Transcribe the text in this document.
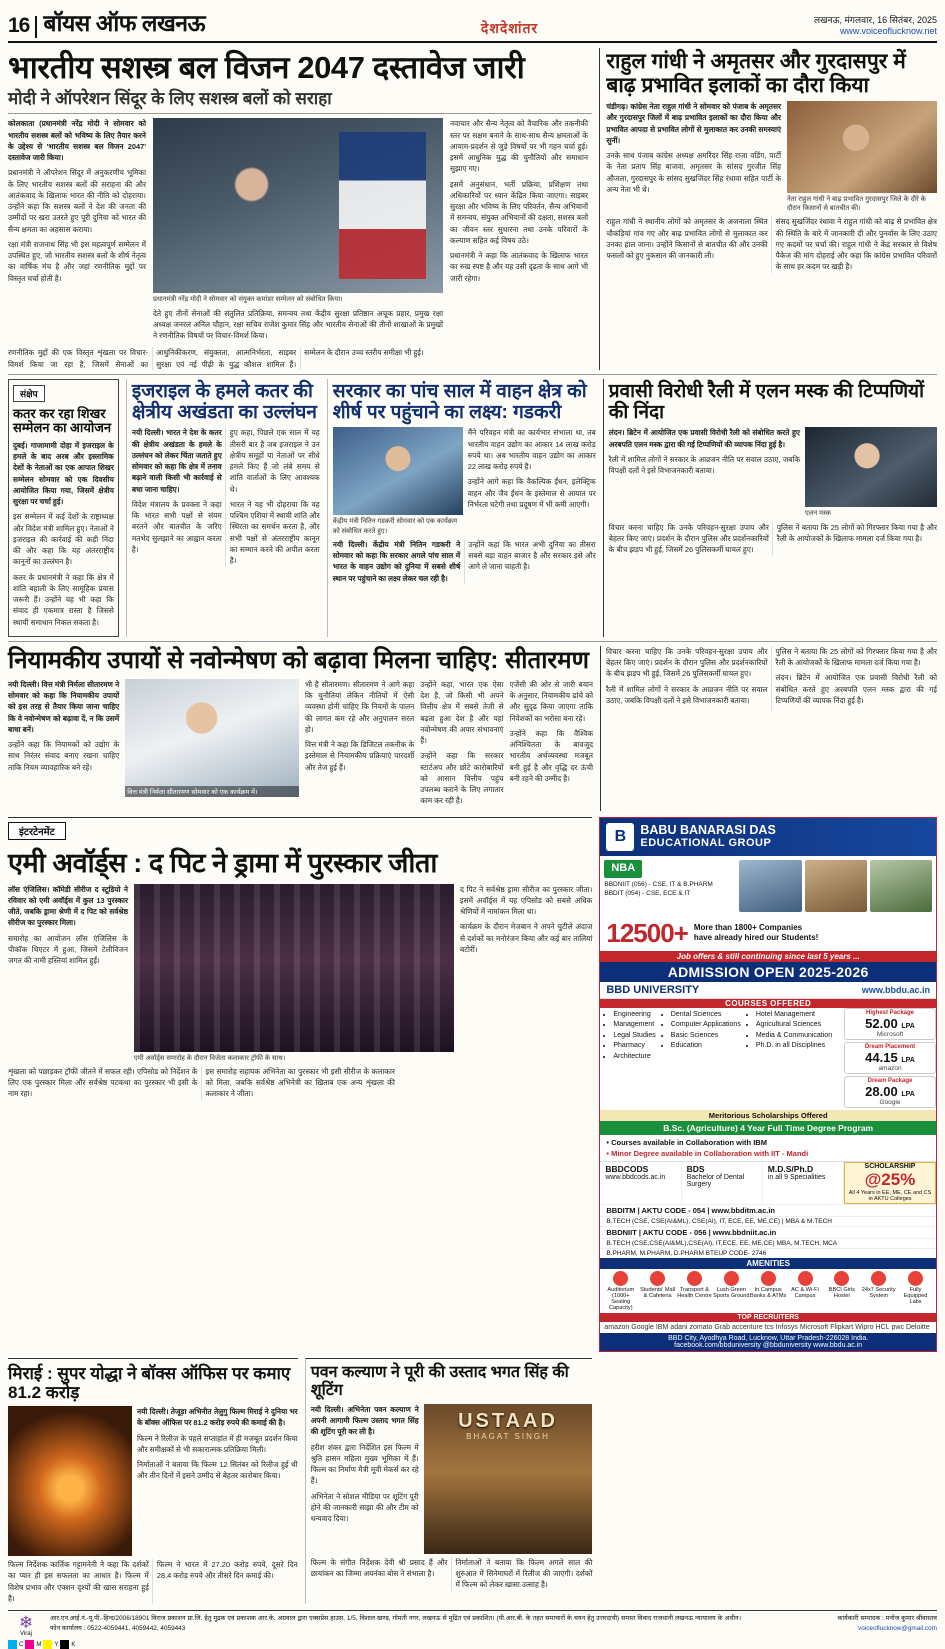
16 बॉयस ऑफ लखनऊ	देशदेशांतर
लखनऊ, मंगलवार, 16 सितंबर, 2025
www.voiceoflucknow.net
भारतीय सशस्त्र बल विजन 2047 दस्तावेज जारी
मोदी ने ऑपरेशन सिंदूर के लिए सशस्त्र बलों को सराहा

कोलकाता (प्रधानमंत्री नरेंद्र मोदी ने सोमवार को भारतीय सशस्त्र बलों को भविष्य के लिए तैयार करने के उद्देश्य से 'भारतीय सशस्त्र बल विजन 2047' दस्तावेज जारी किया।

प्रधानमंत्री ने ऑपरेशन सिंदूर में अनुकरणीय भूमिका के लिए भारतीय सशस्त्र बलों की सराहना की और आतंकवाद के खिलाफ भारत की नीति को दोहराया। उन्होंने कहा कि सशस्त्र बलों ने देश की जनता की उम्मीदों पर खरा उतरते हुए पूरी दुनिया को भारत की सैन्य क्षमता का अहसास कराया।

रक्षा मंत्री राजनाथ सिंह भी इस महत्वपूर्ण सम्मेलन में उपस्थित हुए, जो भारतीय सशस्त्र बलों के शीर्ष नेतृत्व का वार्षिक मंच है और जहां रणनीतिक मुद्दों पर विस्तृत चर्चा होती है।

प्रधानमंत्री नरेंद्र मोदी ने सोमवार को संयुक्त कमांडर सम्मेलन को संबोधित किया।

देते हुए तीनों सेनाओं की संतुलित प्रतिक्रिया, समन्वय तथा केंद्रीय सुरक्षा प्रतिष्ठान अचूक प्रहार, प्रमुख रक्षा अध्यक्ष जनरल अनिल चौहान, रक्षा सचिव राजेश कुमार सिंह और भारतीय सेनाओं की तीनों शाखाओं के प्रमुखों ने रणनीतिक विषयों पर विचार-विमर्श किया।

नवाचार और सैन्य नेतृत्व को वैचारिक और तकनीकी स्तर पर सक्षम बनाने के साथ-साथ सैन्य क्षमताओं के आयाम-प्रदर्शन से जुड़े विषयों पर भी गहन चर्चा हुई। इसमें आधुनिक युद्ध की चुनौतियों और समाधान सुझाए गए।

इसमें अनुसंधान, भर्ती प्रक्रिया, प्रशिक्षण तथा अधिकारियों पर ध्यान केंद्रित किया जाएगा। साइबर सुरक्षा और भविष्य के लिए परिवर्तन, सैन्य अभियानों में समन्वय, संयुक्त अभियानों की दक्षता, सशस्त्र बलों का जीवन स्तर सुधारना तथा उनके परिवारों के कल्याण सहित कई विषय उठे।

प्रधानमंत्री ने कहा कि आतंकवाद के खिलाफ भारत का रुख स्पष्ट है और यह उसी दृढ़ता के साथ आगे भी जारी रहेगा।

रणनीतिक मुद्दों की एक विस्तृत शृंखला पर विचार-विमर्श किया जा रहा है, जिसमें सेनाओं का आधुनिकीकरण, संयुक्तता, आत्मनिर्भरता, साइबर सुरक्षा एवं नई पीढ़ी के युद्ध कौशल शामिल हैं। सम्मेलन के दौरान उच्च स्तरीय समीक्षा भी हुई।

राहुल गांधी ने अमृतसर और गुरदासपुर में बाढ़ प्रभावित इलाकों का दौरा किया

चंडीगढ़। कांग्रेस नेता राहुल गांधी ने सोमवार को पंजाब के अमृतसर और गुरदासपुर जिलों में बाढ़ प्रभावित इलाकों का दौरा किया और प्रभावित आपदा से प्रभावित लोगों से मुलाकात कर उनकी समस्याएं सुनीं।

उनके साथ पंजाब कांग्रेस अध्यक्ष अमरिंदर सिंह राजा वडिंग, पार्टी के नेता प्रताप सिंह बाजवा, अमृतसर के सांसद गुरजीत सिंह औजला, गुरदासपुर के सांसद सुखजिंदर सिंह रंधावा सहित पार्टी के अन्य नेता भी थे।

नेता राहुल गांधी ने बाढ़ प्रभावित गुरदासपुर जिले के दौरे के दौरान किसानों से बातचीत की।

राहुल गांधी ने स्थानीय लोगों को अमृतसर के अजनाला स्थित चौकड़ियां गांव गए और बाढ़ प्रभावित लोगों से मुलाकात कर उनका हाल जाना। उन्होंने किसानों से बातचीत की और उनकी फसलों को हुए नुकसान की जानकारी ली।

संसद सुखजिंदर रंधावा ने राहुल गांधी को बाढ़ से प्रभावित क्षेत्र की स्थिति के बारे में जानकारी दी और पुनर्वास के लिए उठाए गए कदमों पर चर्चा की। राहुल गांधी ने केंद्र सरकार से विशेष पैकेज की मांग दोहराई और कहा कि कांग्रेस प्रभावित परिवारों के साथ हर कदम पर खड़ी है।

संक्षेप
कतर कर रहा शिखर सम्मेलन का आयोजन

दुबई। गाजामामी दोहा में इजराइल के हमले के बाद अरब और इस्लामिक देशों के नेताओं का एक आपात शिखर सम्मेलन सोमवार को एक दिवसीय आयोजित किया गया, जिसमें क्षेत्रीय सुरक्षा पर चर्चा हुई।

इस सम्मेलन में कई देशों के राष्ट्राध्यक्ष और विदेश मंत्री शामिल हुए। नेताओं ने इजराइल की कार्रवाई की कड़ी निंदा की और कहा कि यह अंतरराष्ट्रीय कानूनों का उल्लंघन है।

कतर के प्रधानमंत्री ने कहा कि क्षेत्र में शांति बहाली के लिए सामूहिक प्रयास जरूरी हैं। उन्होंने यह भी कहा कि संवाद ही एकमात्र रास्ता है जिससे स्थायी समाधान निकल सकता है।

इजराइल के हमले कतर की क्षेत्रीय अखंडता का उल्लंघन

नयी दिल्ली। भारत ने देश के कतर की क्षेत्रीय अखंडता के हमले के उल्लंघन को लेकर चिंता जताते हुए सोमवार को कहा कि क्षेत्र में तनाव बढ़ाने वाली किसी भी कार्रवाई से बचा जाना चाहिए।

विदेश मंत्रालय के प्रवक्ता ने कहा कि भारत सभी पक्षों से संयम बरतने और बातचीत के जरिए मतभेद सुलझाने का आह्वान करता है।

हुए कहा, पिछले एक साल में यह तीसरी बार है जब इजराइल ने उन क्षेत्रीय समूहों या नेताओं पर सीधे हमले किए हैं जो लंबे समय से शांति वार्ताओं के लिए आवश्यक थे।

भारत ने यह भी दोहराया कि वह पश्चिम एशिया में स्थायी शांति और स्थिरता का समर्थन करता है, और सभी पक्षों से अंतरराष्ट्रीय कानून का सम्मान करने की अपील करता है।

सरकार का पांच साल में वाहन क्षेत्र को शीर्ष पर पहुंचाने का लक्ष्य: गडकरी
केंद्रीय मंत्री नितिन गडकरी सोमवार को एक कार्यक्रम को संबोधित करते हुए।

मैंने परिवहन मंत्री का कार्यभार संभाला था, तब भारतीय वाहन उद्योग का आकार 14 लाख करोड़ रुपये था। अब भारतीय वाहन उद्योग का आकार 22 लाख करोड़ रुपये है।

उन्होंने आगे कहा कि वैकल्पिक ईंधन, इलेक्ट्रिक वाहन और जैव ईंधन के इस्तेमाल से आयात पर निर्भरता घटेगी तथा प्रदूषण में भी कमी आएगी।

नयी दिल्ली। केंद्रीय मंत्री नितिन गडकरी ने सोमवार को कहा कि सरकार अगले पांच साल में भारत के वाहन उद्योग को दुनिया में सबसे शीर्ष स्थान पर पहुंचाने का लक्ष्य लेकर चल रही है।

उन्होंने कहा कि भारत अभी दुनिया का तीसरा सबसे बड़ा वाहन बाजार है और सरकार इसे और आगे ले जाना चाहती है।

प्रवासी विरोधी रैली में एलन मस्क की टिप्पणियों की निंदा

लंदन। ब्रिटेन में आयोजित एक प्रवासी विरोधी रैली को संबोधित करते हुए अरबपति एलन मस्क द्वारा की गई टिप्पणियों की व्यापक निंदा हुई है।

रैली में शामिल लोगों ने सरकार के आव्रजन नीति पर सवाल उठाए, जबकि विपक्षी दलों ने इसे विभाजनकारी बताया।

एलन मस्क

विचार करना चाहिए कि उनके परिवहन-सुरक्षा उपाय और बेहतर किए जाएं। प्रदर्शन के दौरान पुलिस और प्रदर्शनकारियों के बीच झड़प भी हुई, जिसमें 26 पुलिसकर्मी घायल हुए।

पुलिस ने बताया कि 25 लोगों को गिरफ्तार किया गया है और रैली के आयोजकों के खिलाफ मामला दर्ज किया गया है।

नियामकीय उपायों से नवोन्मेषण को बढ़ावा मिलना चाहिए: सीतारमण

नयी दिल्ली। वित्त मंत्री निर्मला सीतारमण ने सोमवार को कहा कि नियामकीय उपायों को इस तरह से तैयार किया जाना चाहिए कि वे नवोन्मेषण को बढ़ावा दें, न कि उसमें बाधा बनें।

उन्होंने कहा कि नियामकों को उद्योग के साथ निरंतर संवाद बनाए रखना चाहिए ताकि नियम व्यावहारिक बने रहें।

वित्त मंत्री निर्मला सीतारमण सोमवार को एक कार्यक्रम में।

भी है सीतारमण। सीतारमण ने आगे कहा कि चुनौतियां लेकिन नीतियों में ऐसी व्यवस्था होनी चाहिए कि नियमों के पालन की लागत कम रहे और अनुपालन सरल हो।

वित्त मंत्री ने कहा कि डिजिटल तकनीक के इस्तेमाल से नियामकीय प्रक्रियाएं पारदर्शी और तेज हुई हैं।

उन्होंने कहा, भारत एक ऐसा देश है, जो किसी भी अपने वित्तीय क्षेत्र में सबसे तेजी से बढ़ता हुआ देश है और यहां नवोन्मेषण की अपार संभावनाएं हैं।

उन्होंने कहा कि सरकार स्टार्टअप और छोटे कारोबारियों को आसान वित्तीय पहुंच उपलब्ध कराने के लिए लगातार काम कर रही है।

एजेंसी की ओर से जारी बयान के अनुसार, नियामकीय ढांचे को और सुदृढ़ किया जाएगा ताकि निवेशकों का भरोसा बना रहे।

उन्होंने कहा कि वैश्विक अनिश्चितता के बावजूद भारतीय अर्थव्यवस्था मजबूत बनी हुई है और वृद्धि दर ऊंची बनी रहने की उम्मीद है।

विचार करना चाहिए कि उनके परिवहन-सुरक्षा उपाय और बेहतर किए जाएं। प्रदर्शन के दौरान पुलिस और प्रदर्शनकारियों के बीच झड़प भी हुई, जिसमें 26 पुलिसकर्मी घायल हुए।

रैली में शामिल लोगों ने सरकार के आव्रजन नीति पर सवाल उठाए, जबकि विपक्षी दलों ने इसे विभाजनकारी बताया।

पुलिस ने बताया कि 25 लोगों को गिरफ्तार किया गया है और रैली के आयोजकों के खिलाफ मामला दर्ज किया गया है।

लंदन। ब्रिटेन में आयोजित एक प्रवासी विरोधी रैली को संबोधित करते हुए अरबपति एलन मस्क द्वारा की गई टिप्पणियों की व्यापक निंदा हुई है।

इंटरटेनमेंट
एमी अवॉर्ड्स : द पिट ने ड्रामा में पुरस्कार जीता

लॉस एंजिलिस। कॉमेडी सीरीज द स्टूडियो ने रविवार को एमी अवॉर्ड्स में कुल 13 पुरस्कार जीते, जबकि ड्रामा श्रेणी में द पिट को सर्वश्रेष्ठ सीरीज का पुरस्कार मिला।

समारोह का आयोजन लॉस एंजिलिस के पीकॉक थिएटर में हुआ, जिसमें टेलीविजन जगत की नामी हस्तियां शामिल हुईं।

एमी अवॉर्ड्स समारोह के दौरान विजेता कलाकार ट्रॉफी के साथ।

द पिट ने सर्वश्रेष्ठ ड्रामा सीरीज का पुरस्कार जीता। इसमें अवॉर्ड्स में यह एपिसोड को सबसे अधिक श्रेणियों में नामांकन मिला था।

कार्यक्रम के दौरान मेजबान ने अपने चुटीले अंदाज से दर्शकों का मनोरंजन किया और कई बार तालियां बटोरीं।

शृंखला को पछाड़कर ट्रॉफी जीतने में सफल रही। एपिसोड को निर्देशन के लिए एक पुरस्कार मिला और सर्वश्रेष्ठ पटकथा का पुरस्कार भी इसी के नाम रहा।

इस समारोह सहायक अभिनेता का पुरस्कार भी इसी सीरीज के कलाकार को मिला, जबकि सर्वश्रेष्ठ अभिनेत्री का खिताब एक अन्य शृंखला की कलाकार ने जीता।

B	BABU BANARASI DAS
EDUCATIONAL GROUP
NBA
BBDNIIT (056) - CSE, IT & B.PHARM
BBDIT (054) - CSE, ECE & IT
12500+ More than 1800+ Companies
have already hired our Students!
Job offers & still continuing since last 5 years ...
ADMISSION OPEN 2025-2026
BBD UNIVERSITY	www.bbdu.ac.in
COURSES OFFERED
• Engineering
• Management
• Legal Studies
• Pharmacy
• Architecture
• Dental Sciences
• Computer Applications
• Basic Sciences
• Education
• Hotel Management
• Agricultural Sciences
• Media & Communication
• Ph.D. in all Disciplines
Highest Package
52.00 LPA
Microsoft
Dream Placement
44.15 LPA
amazon
Dream Package
28.00 LPA
Google
Meritorious Scholarships Offered
B.Sc. (Agriculture) 4 Year Full Time Degree Program
• Courses available in Collaboration with IBM
• Minor Degree available in Collaboration with IIT - Mandi
BBDCODS
www.bbdcods.ac.in
BDS
Bachelor of Dental Surgery
M.D.S/Ph.D
in all 9 Specialities
SCHOLARSHIP
@25%
All 4 Years in EE, ME, CE and CS in AKTU Colleges
BBDITM | AKTU CODE - 054 | www.bbditm.ac.in
B.TECH (CSE, CSE(AI&ML), CSE(AI), IT, ECE, EE, ME,CE) | MBA & M.TECH
BBDNIIT | AKTU CODE - 056 | www.bbdniit.ac.in
B.TECH (CSE,CSE(AI&ML),CSE(AI), IT,ECE, EE, ME,CE) MBA, M.TECH, MCA
B.PHARM, M.PHARM, D.PHARM BTEUP CODE- 2746
AMENITIES
Auditorium (1000+ Seating Capacity)
Students' Mall & Cafeteria
Transport & Health Centre
Lush Green Sports Ground
In Campus Banks & ATMs
AC & Wi-Fi Campus
BBCI Girls Hostel
24x7 Security System
Fully Equipped Labs
TOP RECRUITERS
amazon Google IBM adani zomato Grab accenture tcs Infosys Microsoft Flipkart Wipro HCL pwc Deloitte
BBD City, Ayodhya Road, Lucknow, Uttar Pradesh-226028 India.
facebook.com/bbduniversity @bbduniversity www.bbdu.ac.in
मिराई : सुपर योद्धा ने बॉक्स ऑफिस पर कमाए 81.2 करोड़

नयी दिल्ली। तेजूड़ा अभिनीत तेलुगु फिल्म मिराई ने दुनिया भर के बॉक्स ऑफिस पर 81.2 करोड़ रुपये की कमाई की है।

फिल्म ने रिलीज के पहले सप्ताहांत में ही मजबूत प्रदर्शन किया और समीक्षकों से भी सकारात्मक प्रतिक्रिया मिली।

निर्माताओं ने बताया कि फिल्म 12 सितंबर को रिलीज हुई थी और तीन दिनों में इसने उम्मीद से बेहतर कारोबार किया।

फिल्म निर्देशक कार्तिक गट्टामनेनी ने कहा कि दर्शकों का प्यार ही इस सफलता का आधार है। फिल्म में विशेष प्रभाव और एक्शन दृश्यों की खास सराहना हुई है।

फिल्म ने भारत में 27.20 करोड़ रुपये, दूसरे दिन 28.4 करोड़ रुपये और तीसरे दिन कमाई की।

पवन कल्याण ने पूरी की उस्ताद भगत सिंह की शूटिंग

नयी दिल्ली। अभिनेता पवन कल्याण ने अपनी आगामी फिल्म उस्ताद भगत सिंह की शूटिंग पूरी कर ली है।

हरीश शंकर द्वारा निर्देशित इस फिल्म में श्रुति हासन महिला मुख्य भूमिका में हैं। फिल्म का निर्माण मैत्री मूवी मेकर्स कर रहे हैं।

अभिनेता ने सोशल मीडिया पर शूटिंग पूरी होने की जानकारी साझा की और टीम को धन्यवाद दिया।

USTAAD
BHAGAT SINGH

फिल्म के संगीत निर्देशक देवी श्री प्रसाद हैं और छायांकन का जिम्मा अयनंका बोस ने संभाला है।

निर्माताओं ने बताया कि फिल्म अगले साल की शुरुआत में सिनेमाघरों में रिलीज की जाएगी। दर्शकों में फिल्म को लेकर खासा उत्साह है।

❄
Viraj
आर.एन.आई.नं.-यू.पी.-हिन्द/2006/18901 विराज प्रकाशन प्रा.लि. हेतु मुद्रक एवं प्रकाशक आर.के. अग्रवाल द्वारा एक्सप्रेस हाउस, 1/5, विशाल खण्ड, गोमती नगर, लखनऊ से मुद्रित एवं प्रकाशित। (पी.आर.बी. के तहत समाचारों के चयन हेतु उत्तरदायी) समस्त विवाद राजधानी लखनऊ न्यायालय के अधीन। फोन कार्यालय : 0522-4059441, 4059442, 4059443
कार्यकारी सम्पादक : मनोज कुमार श्रीवास्तव
voiceoflucknow@gmail.com
C M Y K
